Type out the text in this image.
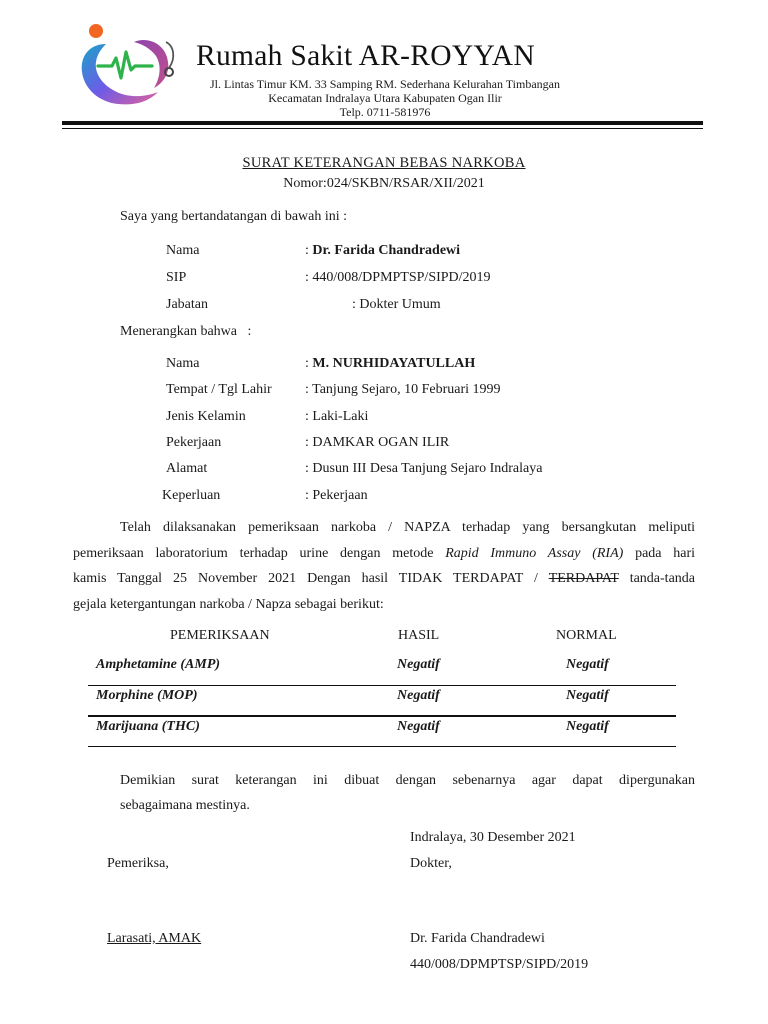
Rumah Sakit AR-ROYYAN
Jl. Lintas Timur KM. 33 Samping RM. Sederhana Kelurahan Timbangan
Kecamatan Indralaya Utara Kabupaten Ogan Ilir
Telp. 0711-581976
SURAT KETERANGAN BEBAS NARKOBA
Nomor:024/SKBN/RSAR/XII/2021
Saya yang bertandatangan di bawah ini :
Nama	: Dr. Farida Chandradewi
SIP	: 440/008/DPMPTSP/SIPD/2019
Jabatan	: Dokter Umum
Menerangkan bahwa   :
Nama	: M. NURHIDAYATULLAH
Tempat / Tgl Lahir : Tanjung Sejaro, 10 Februari 1999
Jenis Kelamin	: Laki-Laki
Pekerjaan	: DAMKAR OGAN ILIR
Alamat	: Dusun III Desa Tanjung Sejaro Indralaya
Keperluan	: Pekerjaan
Telah dilaksanakan pemeriksaan narkoba / NAPZA terhadap yang bersangkutan meliputi
pemeriksaan laboratorium terhadap urine dengan metode Rapid Immuno Assay (RIA) pada hari
kamis Tanggal 25 November 2021 Dengan hasil TIDAK TERDAPAT / TERDAPAT tanda-tanda
gejala ketergantungan narkoba / Napza sebagai berikut:
PEMERIKSAAN	HASIL	NORMAL
Amphetamine (AMP)	Negatif	Negatif
Morphine (MOP)	Negatif	Negatif
Marijuana (THC)	Negatif	Negatif
Demikian surat keterangan ini dibuat dengan sebenarnya agar dapat dipergunakan
sebagaimana mestinya.
Indralaya, 30 Desember 2021
Pemeriksa,	Dokter,
Larasati, AMAK	Dr. Farida Chandradewi
440/008/DPMPTSP/SIPD/2019
